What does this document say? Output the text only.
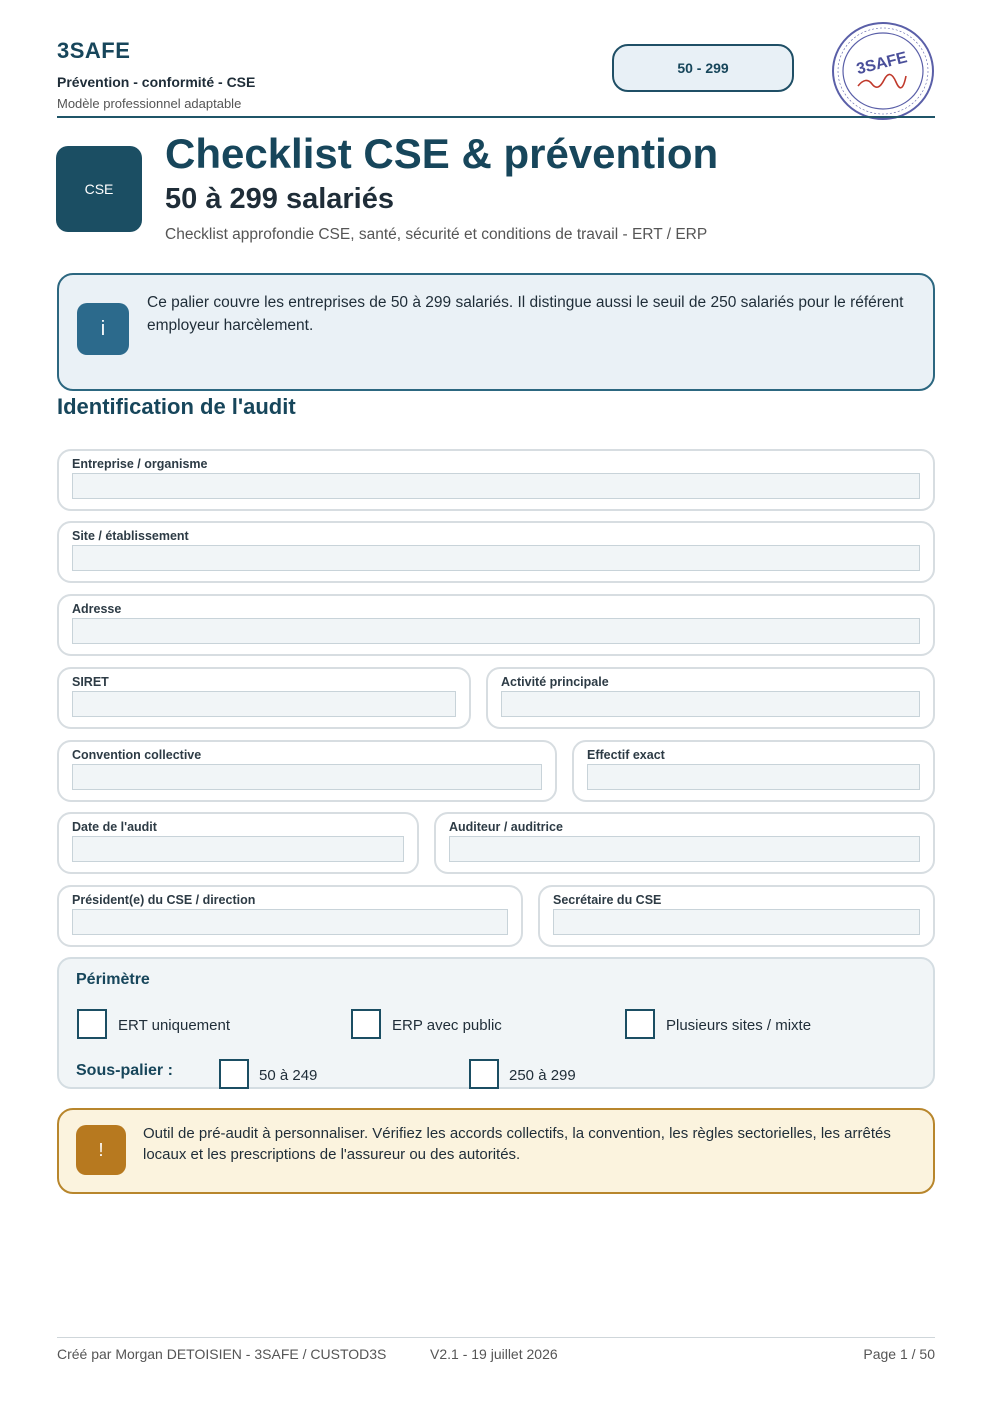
3SAFE
Prévention - conformité - CSE
Modèle professionnel adaptable
50 - 299	3SAFE
CSE
Checklist CSE & prévention
50 à 299 salariés
Checklist approfondie CSE, santé, sécurité et conditions de travail - ERT / ERP
i
Ce palier couvre les entreprises de 50 à 299 salariés. Il distingue aussi le seuil de 250 salariés pour le référent employeur harcèlement.
Identification de l'audit
Entreprise / organisme
Site / établissement
Adresse
SIRET	Activité principale
Convention collective	Effectif exact
Date de l'audit	Auditeur / auditrice
Président(e) du CSE / direction	Secrétaire du CSE
Périmètre
ERT uniquement	ERP avec public	Plusieurs sites / mixte
Sous-palier :	50 à 249	250 à 299
!
Outil de pré-audit à personnaliser. Vérifiez les accords collectifs, la convention, les règles sectorielles, les arrêtés locaux et les prescriptions de l'assureur ou des autorités.
Créé par Morgan DETOISIEN - 3SAFE / CUSTOD3S	V2.1 - 19 juillet 2026	Page 1 / 50
